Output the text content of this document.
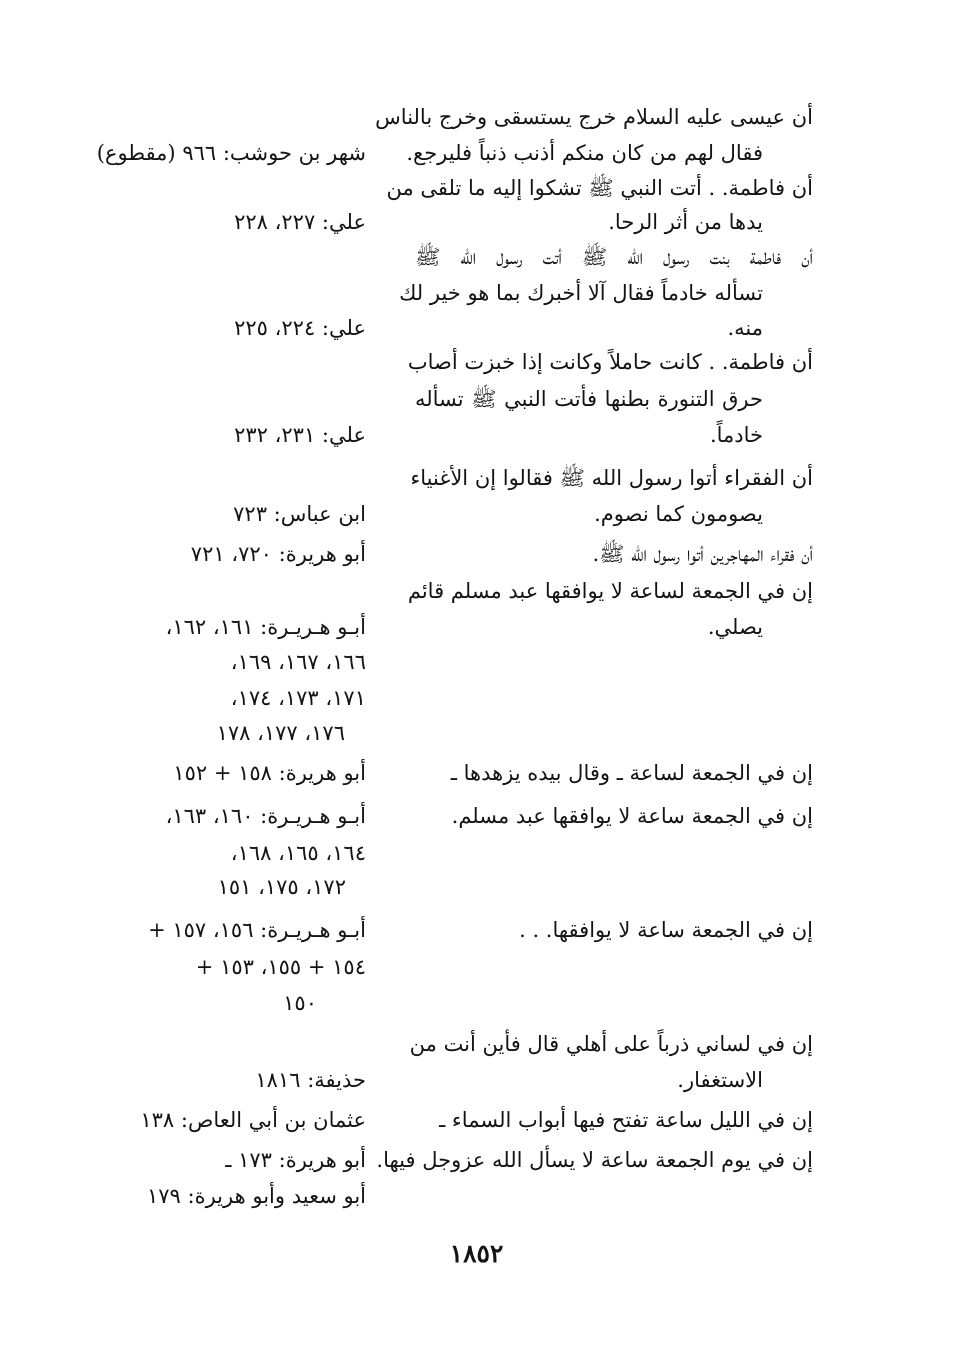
أن عيسى عليه السلام خرج يستسقى وخرج بالناس
فقال لهم من كان منكم أذنب ذنباً فليرجع.
شهر بن حوشب: ٩٦٦ (مقطوع)
أن فاطمة. . أتت النبي ﷺ تشكوا إليه ما تلقى من
يدها من أثر الرحا.
علي: ٢٢٧، ٢٢٨
أن فاطمة بنت رسول الله ﷺ أتت رسول الله ﷺ
تسأله خادماً فقال آلا أخبرك بما هو خير لك
منه.
علي: ٢٢٤، ٢٢٥
أن فاطمة. . كانت حاملاً وكانت إذا خبزت أصاب
حرق التنورة بطنها فأتت النبي ﷺ تسأله
خادماً.
علي: ٢٣١، ٢٣٢
أن الفقراء أتوا رسول الله ﷺ فقالوا إن الأغنياء
يصومون كما نصوم.
ابن عباس: ٧٢٣
أن فقراء المهاجرين أتوا رسول الله ﷺ.
أبو هريرة: ٧٢٠، ٧٢١
إن في الجمعة لساعة لا يوافقها عبد مسلم قائم
يصلي.
أبـو هـريـرة: ١٦١، ١٦٢،
١٦٦، ١٦٧، ١٦٩،
١٧١، ١٧٣، ١٧٤،
١٧٦، ١٧٧، ١٧٨
إن في الجمعة لساعة ـ وقال بيده يزهدها ـ
أبو هريرة: ١٥٨ + ١٥٢
إن في الجمعة ساعة لا يوافقها عبد مسلم.
أبـو هـريـرة: ١٦٠، ١٦٣،
١٦٤، ١٦٥، ١٦٨،
١٧٢، ١٧٥، ١٥١
إن في الجمعة ساعة لا يوافقها. . .
أبـو هـريـرة: ١٥٦، ١٥٧ +
١٥٤ + ١٥٥، ١٥٣ +
١٥٠
إن في لساني ذرباً على أهلي قال فأين أنت من
الاستغفار.
حذيفة: ١٨١٦
إن في الليل ساعة تفتح فيها أبواب السماء ـ
عثمان بن أبي العاص: ١٣٨
إن في يوم الجمعة ساعة لا يسأل الله عزوجل فيها.
أبو هريرة: ١٧٣ ـ
أبو سعيد وأبو هريرة: ١٧٩
١٨٥٢
